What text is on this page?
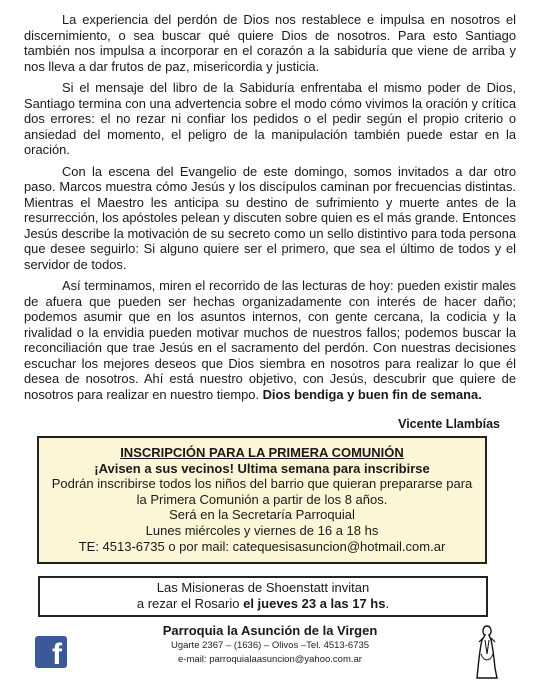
La experiencia del perdón de Dios nos restablece e impulsa en nosotros el discernimiento, o sea buscar qué quiere Dios de nosotros. Para esto Santiago también nos impulsa a incorporar en el corazón a la sabiduría que viene de arriba y nos lleva a dar frutos de paz, misericordia y justicia.

Si el mensaje del libro de la Sabiduría enfrentaba el mismo poder de Dios, Santiago termina con una advertencia sobre el modo cómo vivimos la oración y crítica dos errores: el no rezar ni confiar los pedidos o el pedir según el propio criterio o ansiedad del momento, el peligro de la manipulación también puede estar en la oración.

Con la escena del Evangelio de este domingo, somos invitados a dar otro paso. Marcos muestra cómo Jesús y los discípulos caminan por frecuencias distintas. Mientras el Maestro les anticipa su destino de sufrimiento y muerte antes de la resurrección, los apóstoles pelean y discuten sobre quien es el más grande. Entonces Jesús describe la motivación de su secreto como un sello distintivo para toda persona que desee seguirlo: Si alguno quiere ser el primero, que sea el último de todos y el servidor de todos.

Así terminamos, miren el recorrido de las lecturas de hoy: pueden existir males de afuera que pueden ser hechas organizadamente con interés de hacer daño; podemos asumir que en los asuntos internos, con gente cercana, la codicia y la rivalidad o la envidia pueden motivar muchos de nuestros fallos; podemos buscar la reconciliación que trae Jesús en el sacramento del perdón. Con nuestras decisiones escuchar los mejores deseos que Dios siembra en nosotros para realizar lo que él desea de nosotros. Ahí está nuestro objetivo, con Jesús, descubrir que quiere de nosotros para realizar en nuestro tiempo. Dios bendiga y buen fin de semana.

Vicente Llambías
INSCRIPCIÓN PARA LA PRIMERA COMUNIÓN
¡Avisen a sus vecinos! Ultima semana para inscribirse
Podrán inscribirse todos los niños del barrio que quieran prepararse para
la Primera Comunión a partir de los 8 años.
Será en la Secretaría Parroquial
Lunes miércoles y viernes de 16 a 18 hs
TE: 4513-6735 o por mail: catequesisasuncion@hotmail.com.ar
Las Misioneras de Shoenstatt invitan
a rezar el Rosario el jueves 23 a las 17 hs.
f
Parroquia la Asunción de la Virgen
Ugarte 2367 – (1636) – Olivos –Tel. 4513-6735
e-mail: parroquialaasuncion@yahoo.com.ar
